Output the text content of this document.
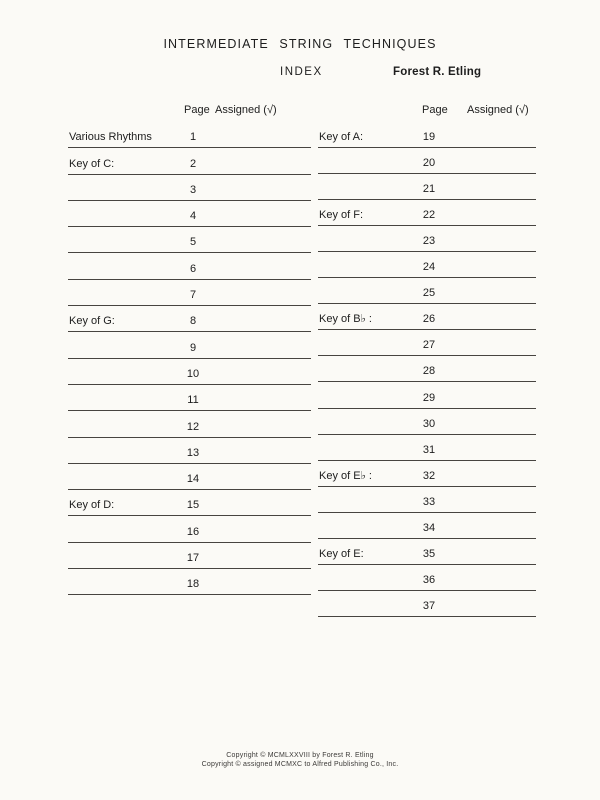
INTERMEDIATE STRING TECHNIQUES
INDEX	Forest R. Etling
Page Assigned (√)
Various Rhythms	1
Key of C:	2
3
4
5
6
7
Key of G:	8
9
10
11
12
13
14
Key of D:	15
16
17
18
Page Assigned (√)
Key of A:	19
20
21
Key of F:	22
23
24
25
Key of B♭ :	26
27
28
29
30
31
Key of E♭ :	32
33
34
Key of E:	35
36
37
Copyright © MCMLXXVIII by Forest R. Etling
Copyright © assigned MCMXC to Alfred Publishing Co., Inc.
